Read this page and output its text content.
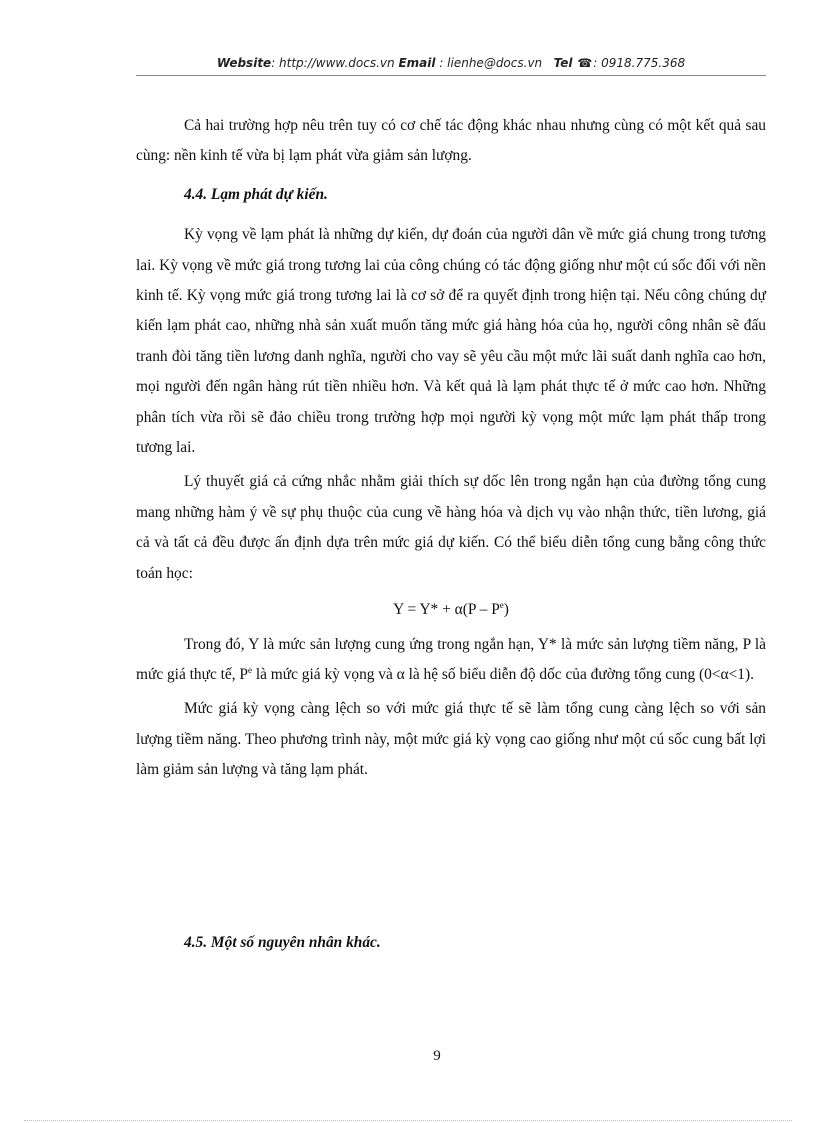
Website: http://www.docs.vn Email : lienhe@docs.vn Tel ☎: 0918.775.368

Cả hai trường hợp nêu trên tuy có cơ chế tác động khác nhau nhưng cùng có một kết quả sau cùng: nền kinh tế vừa bị lạm phát vừa giảm sản lượng.

4.4. Lạm phát dự kiến.

Kỳ vọng về lạm phát là những dự kiến, dự đoán của người dân về mức giá chung trong tương lai. Kỳ vọng về mức giá trong tương lai của công chúng có tác động giống như một cú sốc đối với nền kinh tế. Kỳ vọng mức giá trong tương lai là cơ sở để ra quyết định trong hiện tại. Nếu công chúng dự kiến lạm phát cao, những nhà sản xuất muốn tăng mức giá hàng hóa của họ, người công nhân sẽ đấu tranh đòi tăng tiền lương danh nghĩa, người cho vay sẽ yêu cầu một mức lãi suất danh nghĩa cao hơn, mọi người đến ngân hàng rút tiền nhiều hơn. Và kết quả là lạm phát thực tế ở mức cao hơn. Những phân tích vừa rồi sẽ đảo chiều trong trường hợp mọi người kỳ vọng một mức lạm phát thấp trong tương lai.

Lý thuyết giá cả cứng nhắc nhằm giải thích sự dốc lên trong ngắn hạn của đường tổng cung mang những hàm ý về sự phụ thuộc của cung về hàng hóa và dịch vụ vào nhận thức, tiền lương, giá cả và tất cả đều được ấn định dựa trên mức giá dự kiến. Có thể biểu diễn tổng cung bằng công thức toán học:

$Y = Y* + \alpha(P - P^e)$

Trong đó, Y là mức sản lượng cung ứng trong ngắn hạn, Y* là mức sản lượng tiềm năng, P là mức giá thực tế, $P^e$ là mức giá kỳ vọng và α là hệ số biểu diễn độ dốc của đường tổng cung (0<α<1).

Mức giá kỳ vọng càng lệch so với mức giá thực tế sẽ làm tổng cung càng lệch so với sản lượng tiềm năng. Theo phương trình này, một mức giá kỳ vọng cao giống như một cú sốc cung bất lợi làm giảm sản lượng và tăng lạm phát.

4.5. Một số nguyên nhân khác.
9
